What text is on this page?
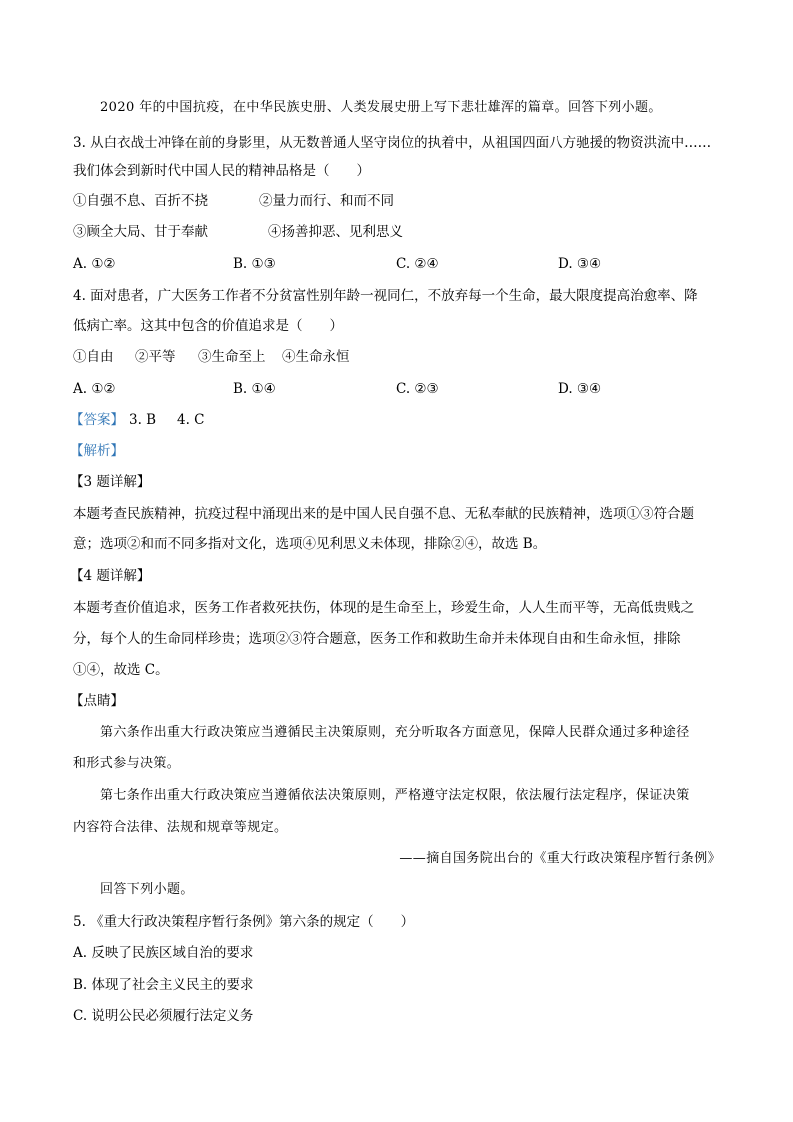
2020 年的中国抗疫，在中华民族史册、人类发展史册上写下悲壮雄浑的篇章。回答下列小题。
3. 从白衣战士冲锋在前的身影里，从无数普通人坚守岗位的执着中，从祖国四面八方驰援的物资洪流中……
我们体会到新时代中国人民的精神品格是（　　）
①自强不息、百折不挠	②量力而行、和而不同
③顾全大局、甘于奉献	④扬善抑恶、见利思义
A. ①②	B. ①③	C. ②④	D. ③④
4. 面对患者，广大医务工作者不分贫富性别年龄一视同仁，不放弃每一个生命，最大限度提高治愈率、降
低病亡率。这其中包含的价值追求是（　　）
①自由 ②平等 ③生命至上 ④生命永恒
A. ①②	B. ①④	C. ②③	D. ③④
【答案】 3. B 4. C
【解析】
【3 题详解】
本题考查民族精神，抗疫过程中涌现出来的是中国人民自强不息、无私奉献的民族精神，选项①③符合题
意；选项②和而不同多指对文化，选项④见利思义未体现，排除②④，故选 B。
【4 题详解】
本题考查价值追求，医务工作者救死扶伤，体现的是生命至上，珍爱生命，人人生而平等，无高低贵贱之
分，每个人的生命同样珍贵；选项②③符合题意，医务工作和救助生命并未体现自由和生命永恒，排除
①④，故选 C。
【点睛】
第六条作出重大行政决策应当遵循民主决策原则，充分听取各方面意见，保障人民群众通过多种途径
和形式参与决策。
第七条作出重大行政决策应当遵循依法决策原则，严格遵守法定权限，依法履行法定程序，保证决策
内容符合法律、法规和规章等规定。
——摘自国务院出台的《重大行政决策程序暂行条例》
回答下列小题。
5. 《重大行政决策程序暂行条例》第六条的规定（　　）
A. 反映了民族区域自治的要求
B. 体现了社会主义民主的要求
C. 说明公民必须履行法定义务
